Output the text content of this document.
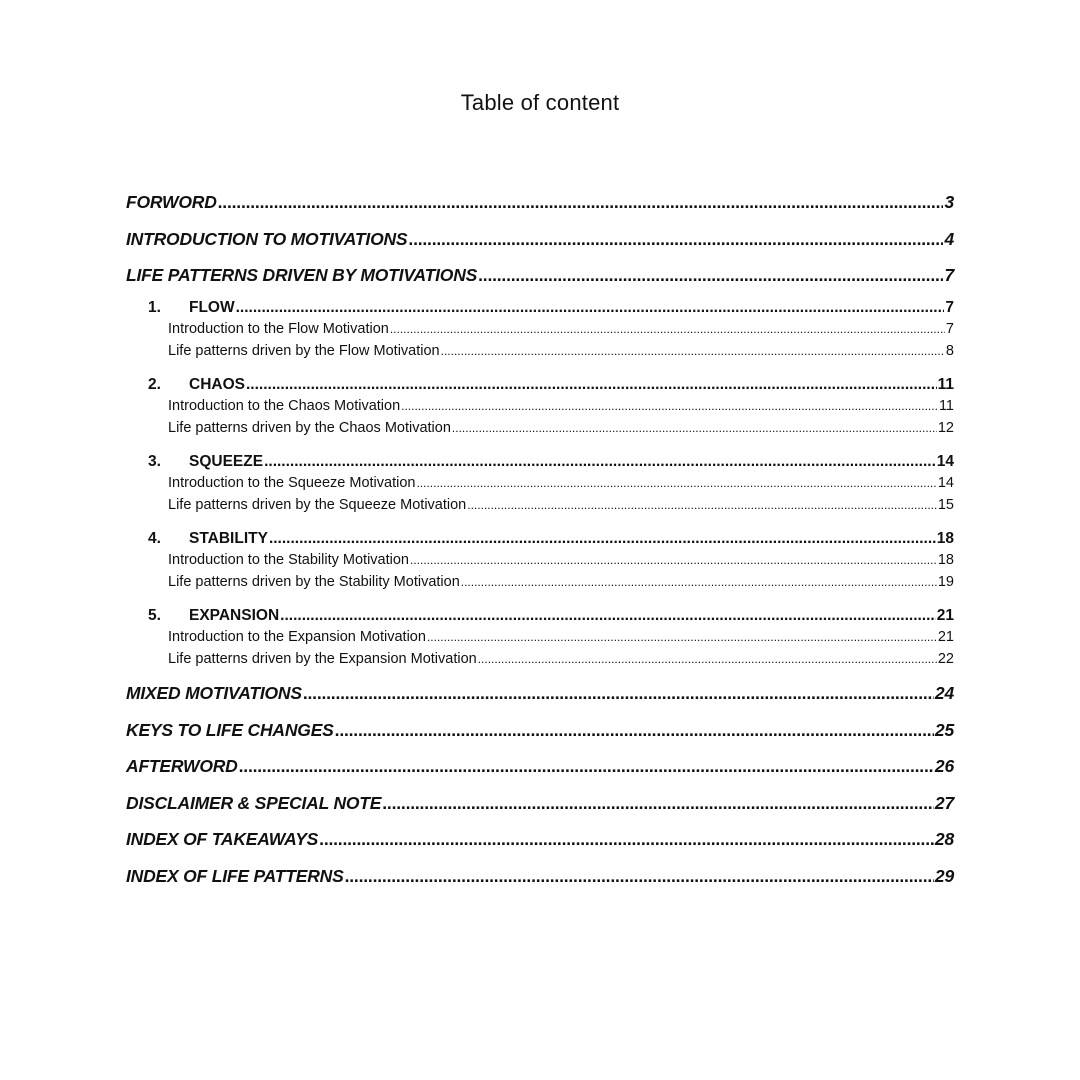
Table of content
FORWORD .....	3
INTRODUCTION TO MOTIVATIONS .....	4
LIFE PATTERNS DRIVEN BY MOTIVATIONS .....	7
1. FLOW .....	7
Introduction to the Flow Motivation .....	7
Life patterns driven by the Flow Motivation .....	8
2. CHAOS .....	11
Introduction to the Chaos Motivation .....	11
Life patterns driven by the Chaos Motivation .....	12
3. SQUEEZE .....	14
Introduction to the Squeeze Motivation .....	14
Life patterns driven by the Squeeze Motivation .....	15
4. STABILITY .....	18
Introduction to the Stability Motivation .....	18
Life patterns driven by the Stability Motivation .....	19
5. EXPANSION .....	21
Introduction to the Expansion Motivation .....	21
Life patterns driven by the Expansion Motivation .....	22
MIXED MOTIVATIONS .....	24
KEYS TO LIFE CHANGES .....	25
AFTERWORD .....	26
DISCLAIMER & SPECIAL NOTE .....	27
INDEX OF TAKEAWAYS .....	28
INDEX OF LIFE PATTERNS .....	29
